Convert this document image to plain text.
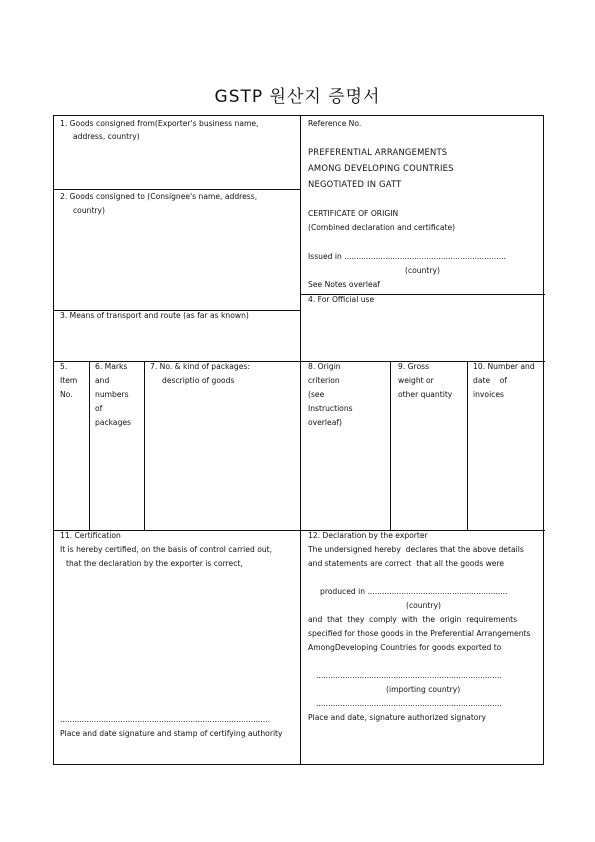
GSTP 원산지 증명서
1. Goods consigned from(Exporter's business name,
address, country)
2. Goods consigned to (Consignee's name, address,
country)
3. Means of transport and route (as far as known)
Reference No.
PREFERENTIAL ARRANGEMENTS
AMONG DEVELOPING COUNTRIES
NEGOTIATED IN GATT
CERTIFICATE OF ORIGIN
(Combined declaration and certificate)
Issued in ...................................................................
(country)
See Notes overleaf
4. For Official use
5.
Item
No.
6. Marks
and
numbers
of
packages
7. No. & kind of packages:
descriptio of goods
8. Origin
criterion
(see
Instructions
overleaf)
9. Gross
weight or
other quantity
10. Number and
date    of
invoices
11. Certification
It is hereby certified, on the basis of control carried out,
that the declaration by the exporter is correct,
.......................................................................................
Place and date signature and stamp of certifying authority
12. Declaration by the exporter
The undersigned hereby  declares that the above details
and statements are correct  that all the goods were
produced in ..........................................................
(country)
and  that  they  comply  with  the  origin  requirements
specified for those goods in the Preferential Arrangements
AmongDeveloping Countries for goods exported to
.............................................................................
(importing country)
.............................................................................
Place and date, signature authorized signatory
